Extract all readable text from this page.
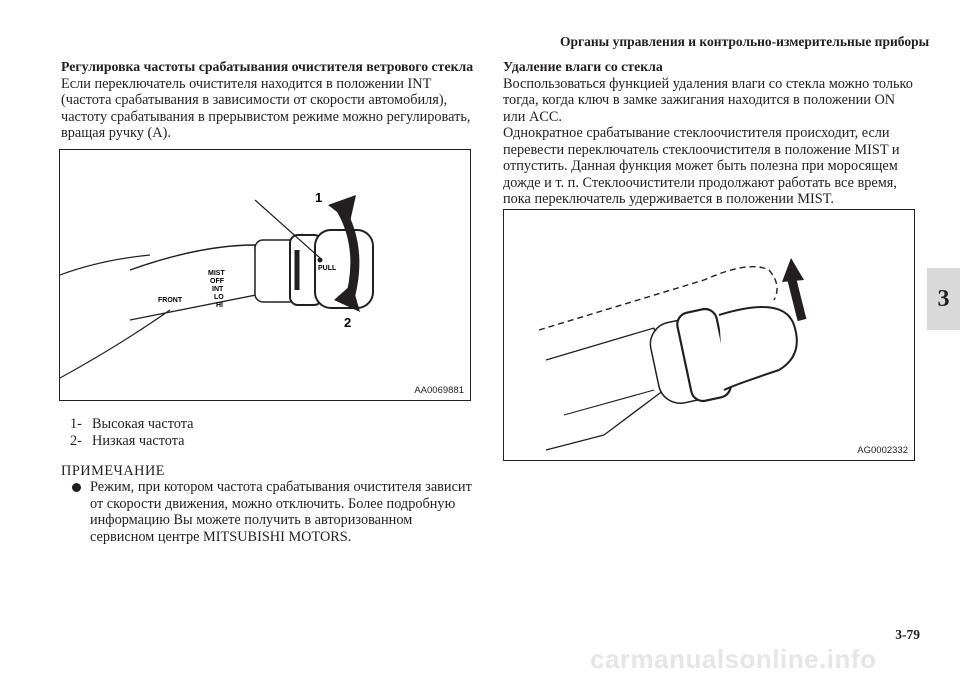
Органы управления и контрольно-измерительные приборы

Регулировка частоты срабатывания очистителя ветрового стекла

Если переключатель очистителя находится в положении INT (частота срабатывания в зависимости от скорости автомобиля), частоту срабатывания в прерывистом режиме можно регулировать, вращая ручку (А).

1
2
PULL
MIST
OFF
INT
LO
HI
FRONT
AA0069881
1- Высокая частота
2- Низкая частота
ПРИМЕЧАНИЕ
Режим, при котором частота срабатывания очистителя зависит от скорости движения, можно отключить. Более подробную информацию Вы можете получить в авторизованном сервисном центре MITSUBISHI MOTORS.

Удаление влаги со стекла

Воспользоваться функцией удаления влаги со стекла можно только тогда, когда ключ в замке зажигания находится в положении ON или ACC.

Однократное срабатывание стеклоочистителя происходит, если перевести переключатель стеклоочистителя в положение MIST и отпустить. Данная функция может быть полезна при моросящем дожде и т. п. Стеклоочистители продолжают работать все время, пока переключатель удерживается в положении MIST.

AG0002332
3
3-79
carmanualsonline.info
